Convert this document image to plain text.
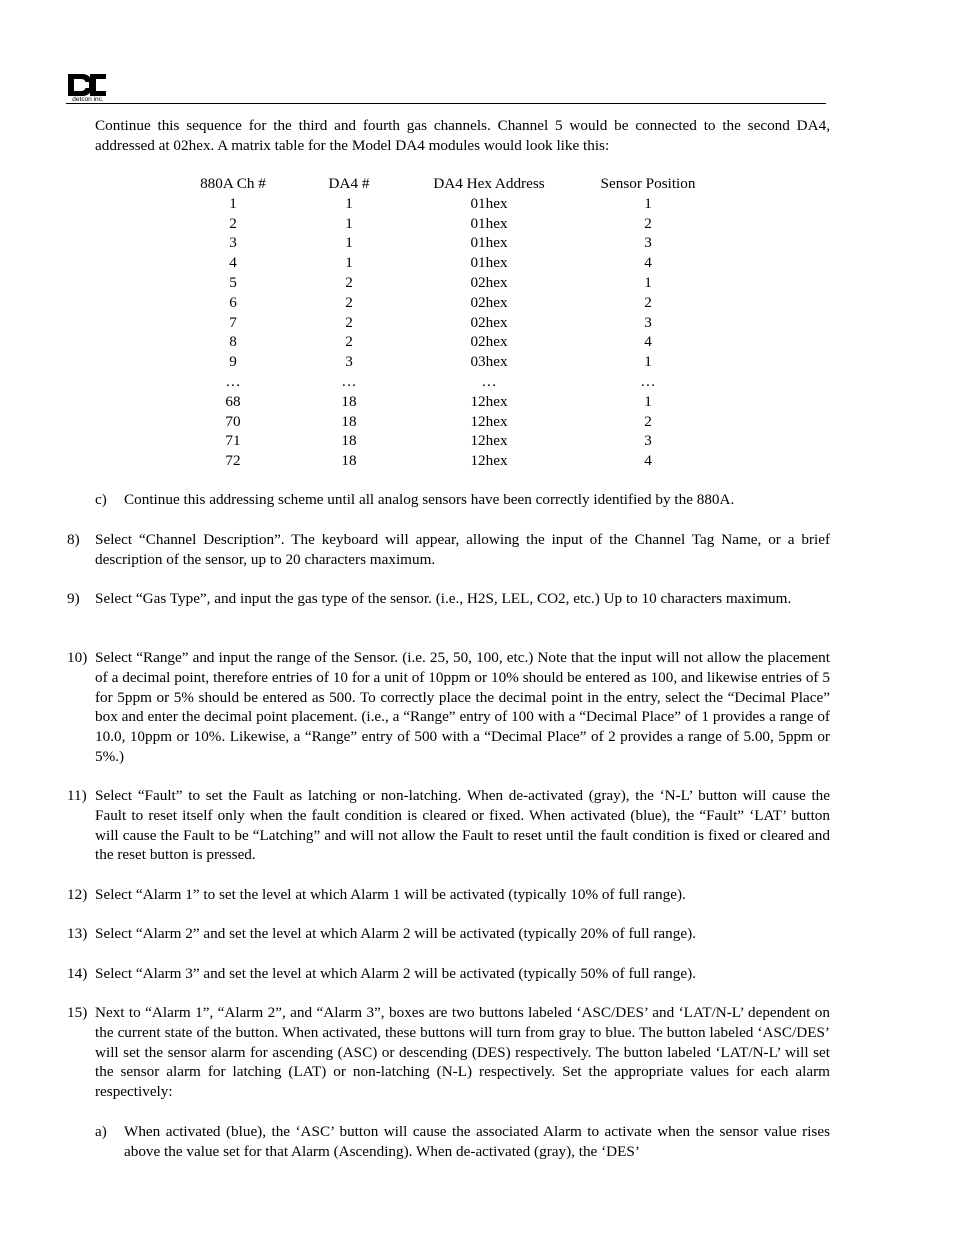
detcon inc.

Continue this sequence for the third and fourth gas channels. Channel 5 would be connected to the second DA4, addressed at 02hex. A matrix table for the Model DA4 modules would look like this:

880A Ch #	DA4 #	DA4 Hex Address	Sensor Position
1	1	01hex	1
2	1	01hex	2
3	1	01hex	3
4	1	01hex	4
5	2	02hex	1
6	2	02hex	2
7	2	02hex	3
8	2	02hex	4
9	3	03hex	1
…	…	…	…
68	18	12hex	1
70	18	12hex	2
71	18	12hex	3
72	18	12hex	4
c) Continue this addressing scheme until all analog sensors have been correctly identified by the 880A.
8) Select “Channel Description”. The keyboard will appear, allowing the input of the Channel Tag Name, or a brief description of the sensor, up to 20 characters maximum.
9) Select “Gas Type”, and input the gas type of the sensor. (i.e., H2S, LEL, CO2, etc.) Up to 10 characters maximum.
10) Select “Range” and input the range of the Sensor. (i.e. 25, 50, 100, etc.) Note that the input will not allow the placement of a decimal point, therefore entries of 10 for a unit of 10ppm or 10% should be entered as 100, and likewise entries of 5 for 5ppm or 5% should be entered as 500. To correctly place the decimal point in the entry, select the “Decimal Place” box and enter the decimal point placement. (i.e., a “Range” entry of 100 with a “Decimal Place” of 1 provides a range of 10.0, 10ppm or 10%. Likewise, a “Range” entry of 500 with a “Decimal Place” of 2 provides a range of 5.00, 5ppm or 5%.)
11) Select “Fault” to set the Fault as latching or non-latching. When de-activated (gray), the ‘N-L’ button will cause the Fault to reset itself only when the fault condition is cleared or fixed. When activated (blue), the “Fault” ‘LAT’ button will cause the Fault to be “Latching” and will not allow the Fault to reset until the fault condition is fixed or cleared and the reset button is pressed.
12) Select “Alarm 1” to set the level at which Alarm 1 will be activated (typically 10% of full range).
13) Select “Alarm 2” and set the level at which Alarm 2 will be activated (typically 20% of full range).
14) Select “Alarm 3” and set the level at which Alarm 2 will be activated (typically 50% of full range).
15) Next to “Alarm 1”, “Alarm 2”, and “Alarm 3”, boxes are two buttons labeled ‘ASC/DES’ and ‘LAT/N-L’ dependent on the current state of the button. When activated, these buttons will turn from gray to blue. The button labeled ‘ASC/DES’ will set the sensor alarm for ascending (ASC) or descending (DES) respectively. The button labeled ‘LAT/N-L’ will set the sensor alarm for latching (LAT) or non-latching (N-L) respectively. Set the appropriate values for each alarm respectively:
a) When activated (blue), the ‘ASC’ button will cause the associated Alarm to activate when the sensor value rises above the value set for that Alarm (Ascending). When de-activated (gray), the ‘DES’
